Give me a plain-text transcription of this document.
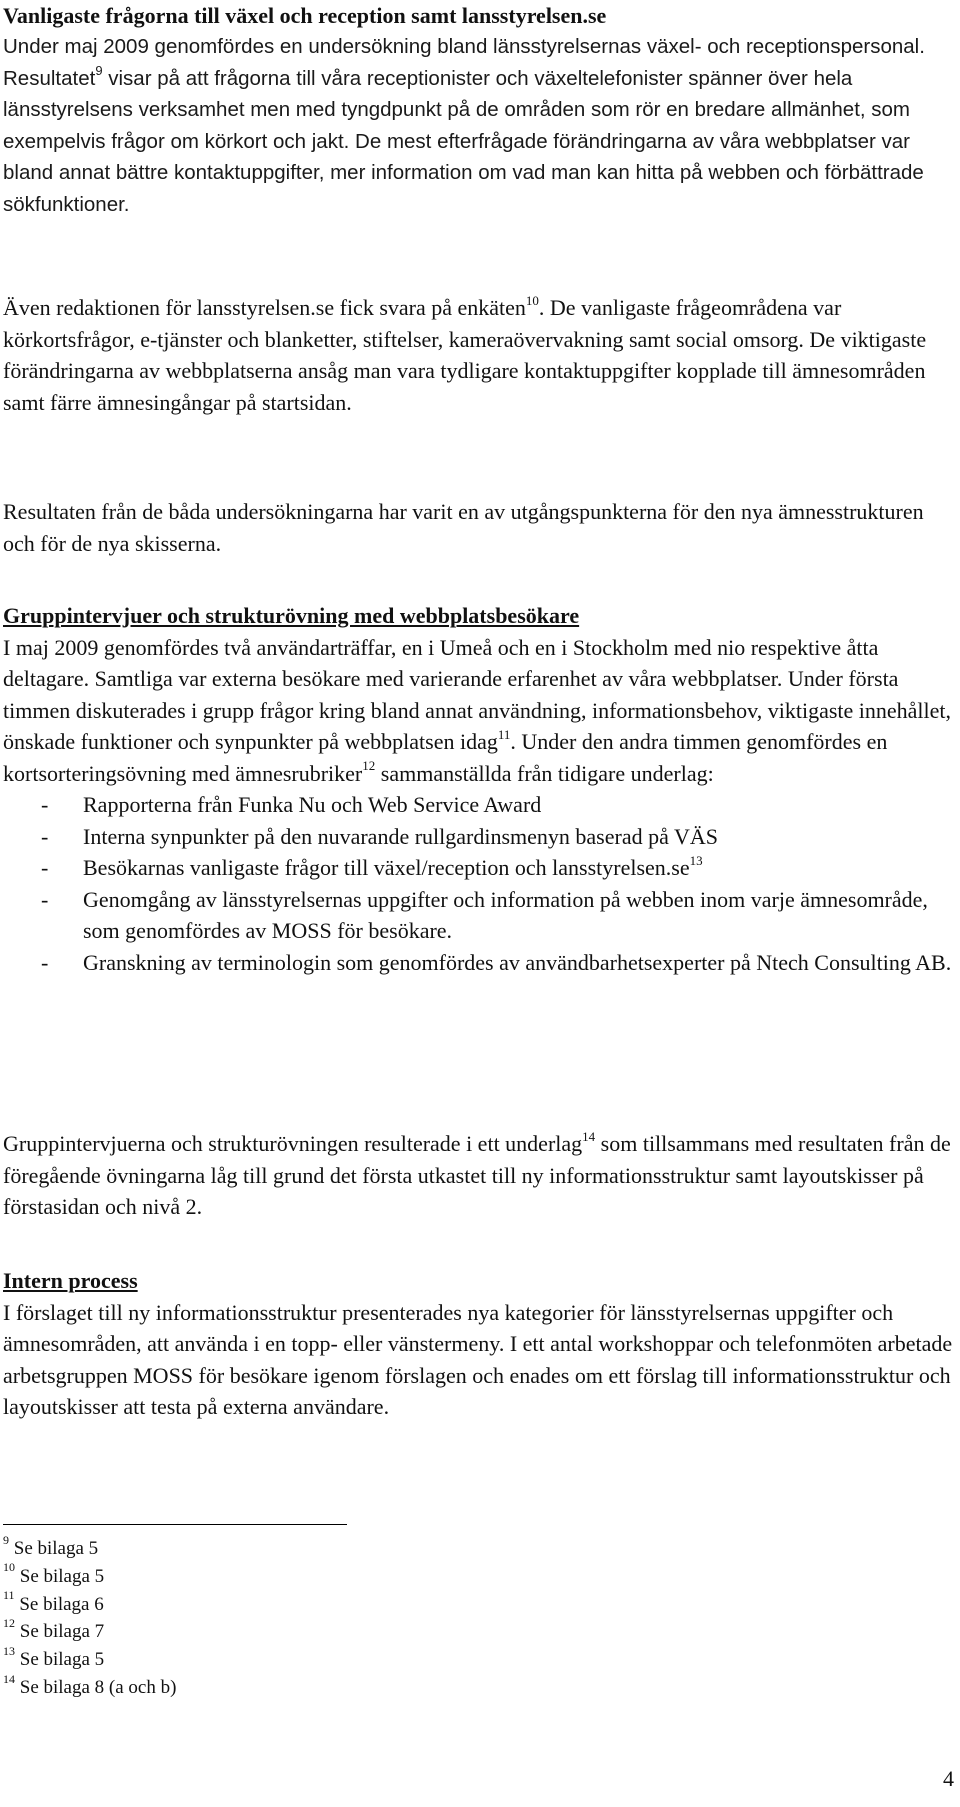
Vanligaste frågorna till växel och reception samt lansstyrelsen.se

Under maj 2009 genomfördes en undersökning bland länsstyrelsernas växel- och receptionspersonal. Resultatet$^9$ visar på att frågorna till våra receptionister och växeltelefonister spänner över hela länsstyrelsens verksamhet men med tyngdpunkt på de områden som rör en bredare allmänhet, som exempelvis frågor om körkort och jakt. De mest efterfrågade förändringarna av våra webbplatser var bland annat bättre kontaktuppgifter, mer information om vad man kan hitta på webben och förbättrade sökfunktioner.

Även redaktionen för lansstyrelsen.se fick svara på enkäten$^{10}$. De vanligaste frågeområdena var körkortsfrågor, e-tjänster och blanketter, stiftelser, kameraövervakning samt social omsorg. De viktigaste förändringarna av webbplatserna ansåg man vara tydligare kontaktuppgifter kopplade till ämnesområden samt färre ämnesingångar på startsidan.

Resultaten från de båda undersökningarna har varit en av utgångspunkterna för den nya ämnesstrukturen och för de nya skisserna.

Gruppintervjuer och strukturövning med webbplatsbesökare

I maj 2009 genomfördes två användarträffar, en i Umeå och en i Stockholm med nio respektive åtta deltagare. Samtliga var externa besökare med varierande erfarenhet av våra webbplatser. Under första timmen diskuterades i grupp frågor kring bland annat användning, informationsbehov, viktigaste innehållet, önskade funktioner och synpunkter på webbplatsen idag$^{11}$. Under den andra timmen genomfördes en kortsorteringsövning med ämnesrubriker$^{12}$ sammanställda från tidigare underlag:

- Rapporterna från Funka Nu och Web Service Award
- Interna synpunkter på den nuvarande rullgardinsmenyn baserad på VÄS
- Besökarnas vanligaste frågor till växel/reception och $lansstyrelsen.se^{13}$
- Genomgång av länsstyrelsernas uppgifter och information på webben inom varje ämnesområde, som genomfördes av MOSS för besökare.
- Granskning av terminologin som genomfördes av användbarhetsexperter på Ntech Consulting AB.

Gruppintervjuerna och strukturövningen resulterade i ett underlag$^{14}$ som tillsammans med resultaten från de föregående övningarna låg till grund det första utkastet till ny informationsstruktur samt layoutskisser på förstasidan och nivå 2.

Intern process

I förslaget till ny informationsstruktur presenterades nya kategorier för länsstyrelsernas uppgifter och ämnesområden, att använda i en topp- eller vänstermeny. I ett antal workshoppar och telefonmöten arbetade arbetsgruppen MOSS för besökare igenom förslagen och enades om ett förslag till informationsstruktur och layoutskisser att testa på externa användare.

$^9$ Se bilaga 5
$^{10}$ Se bilaga 5
$^{11}$ Se bilaga 6
$^{12}$ Se bilaga 7
$^{13}$ Se bilaga 5
$^{14}$ Se bilaga 8 (a och b)
4
